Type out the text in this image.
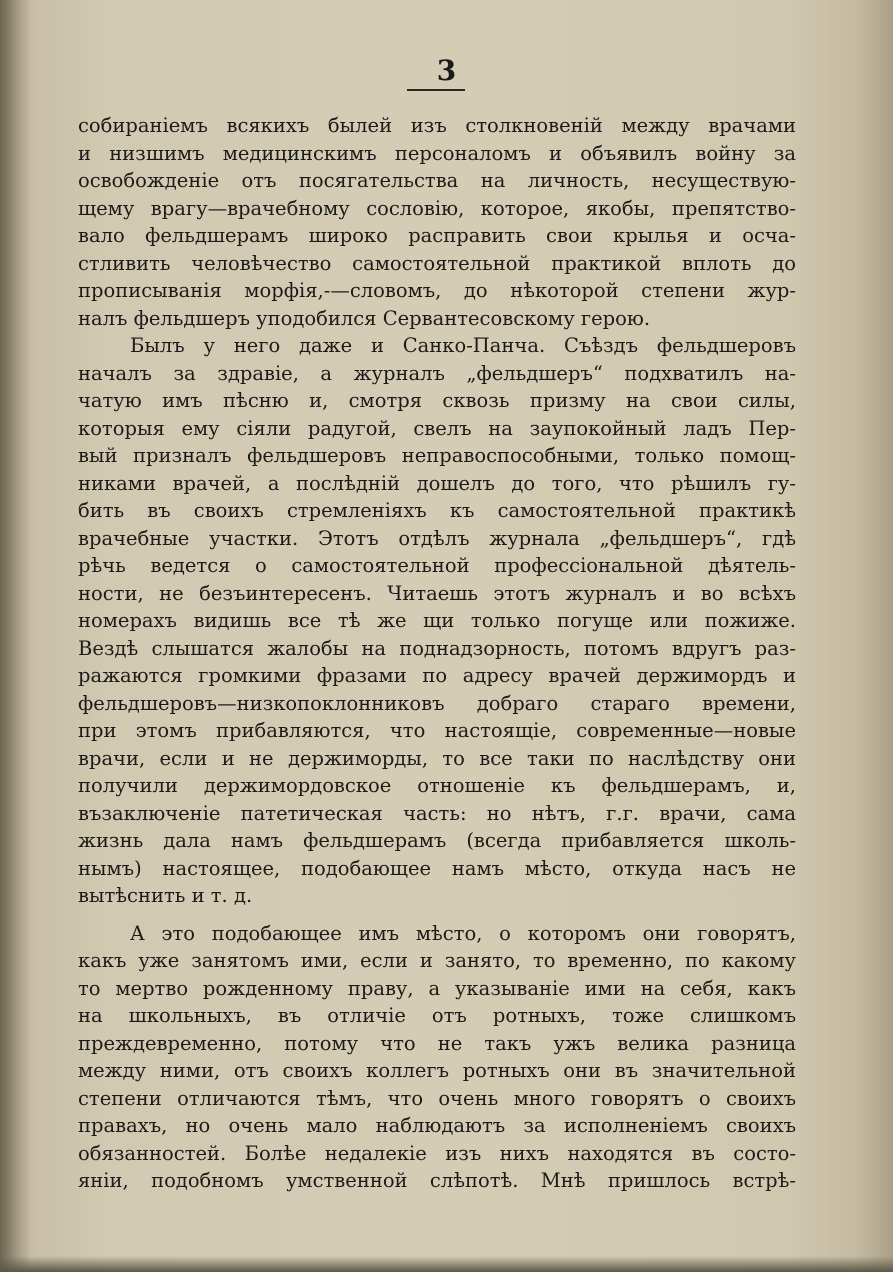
3
собираніемъ всякихъ былей изъ столкновеній между врачами
и низшимъ медицинскимъ персоналомъ и объявилъ войну за
освобожденіе отъ посягательства на личность, несуществую-
щему врагу—врачебному сословію, которое, якобы, препятство-
вало фельдшерамъ широко расправить свои крылья и осча-
стливить человѣчество самостоятельной практикой вплоть до
прописыванія морфія,-—словомъ, до нѣкоторой степени жур-
налъ фельдшеръ уподобился Сервантесовскому герою.
Былъ у него даже и Санко-Панча. Съѣздъ фельдшеровъ
началъ за здравіе, а журналъ „фельдшеръ“ подхватилъ на-
чатую имъ пѣсню и, смотря сквозь призму на свои силы,
которыя ему сіяли радугой, свелъ на заупокойный ладъ Пер-
вый призналъ фельдшеровъ неправоспособными, только помощ-
никами врачей, а послѣдній дошелъ до того, что рѣшилъ гу-
бить въ своихъ стремленіяхъ къ самостоятельной практикѣ
врачебные участки. Этотъ отдѣлъ журнала „фельдшеръ“, гдѣ
рѣчь ведется о самостоятельной профессіональной дѣятель-
ности, не безъинтересенъ. Читаешь этотъ журналъ и во всѣхъ
номерахъ видишь все тѣ же щи только погуще или пожиже.
Вездѣ слышатся жалобы на поднадзорность, потомъ вдругъ раз-
ражаются громкими фразами по адресу врачей держимордъ и
фельдшеровъ—низкопоклонниковъ добраго стараго времени,
при этомъ прибавляются, что настоящіе, современные—новые
врачи, если и не держиморды, то все таки по наслѣдству они
получили держимордовское отношеніе къ фельдшерамъ, и,
възаключеніе патетическая часть: но нѣтъ, г.г. врачи, сама
жизнь дала намъ фельдшерамъ (всегда прибавляется школь-
нымъ) настоящее, подобающее намъ мѣсто, откуда насъ не
вытѣснить и т. д.
А это подобающее имъ мѣсто, о которомъ они говорятъ,
какъ уже занятомъ ими, если и занято, то временно, по какому
то мертво рожденному праву, а указываніе ими на себя, какъ
на школьныхъ, въ отличіе отъ ротныхъ, тоже слишкомъ
преждевременно, потому что не такъ ужъ велика разница
между ними, отъ своихъ коллегъ ротныхъ они въ значительной
степени отличаются тѣмъ, что очень много говорятъ о своихъ
правахъ, но очень мало наблюдаютъ за исполненіемъ своихъ
обязанностей. Болѣе недалекіе изъ нихъ находятся въ состо-
яніи, подобномъ умственной слѣпотѣ. Мнѣ пришлось встрѣ-
